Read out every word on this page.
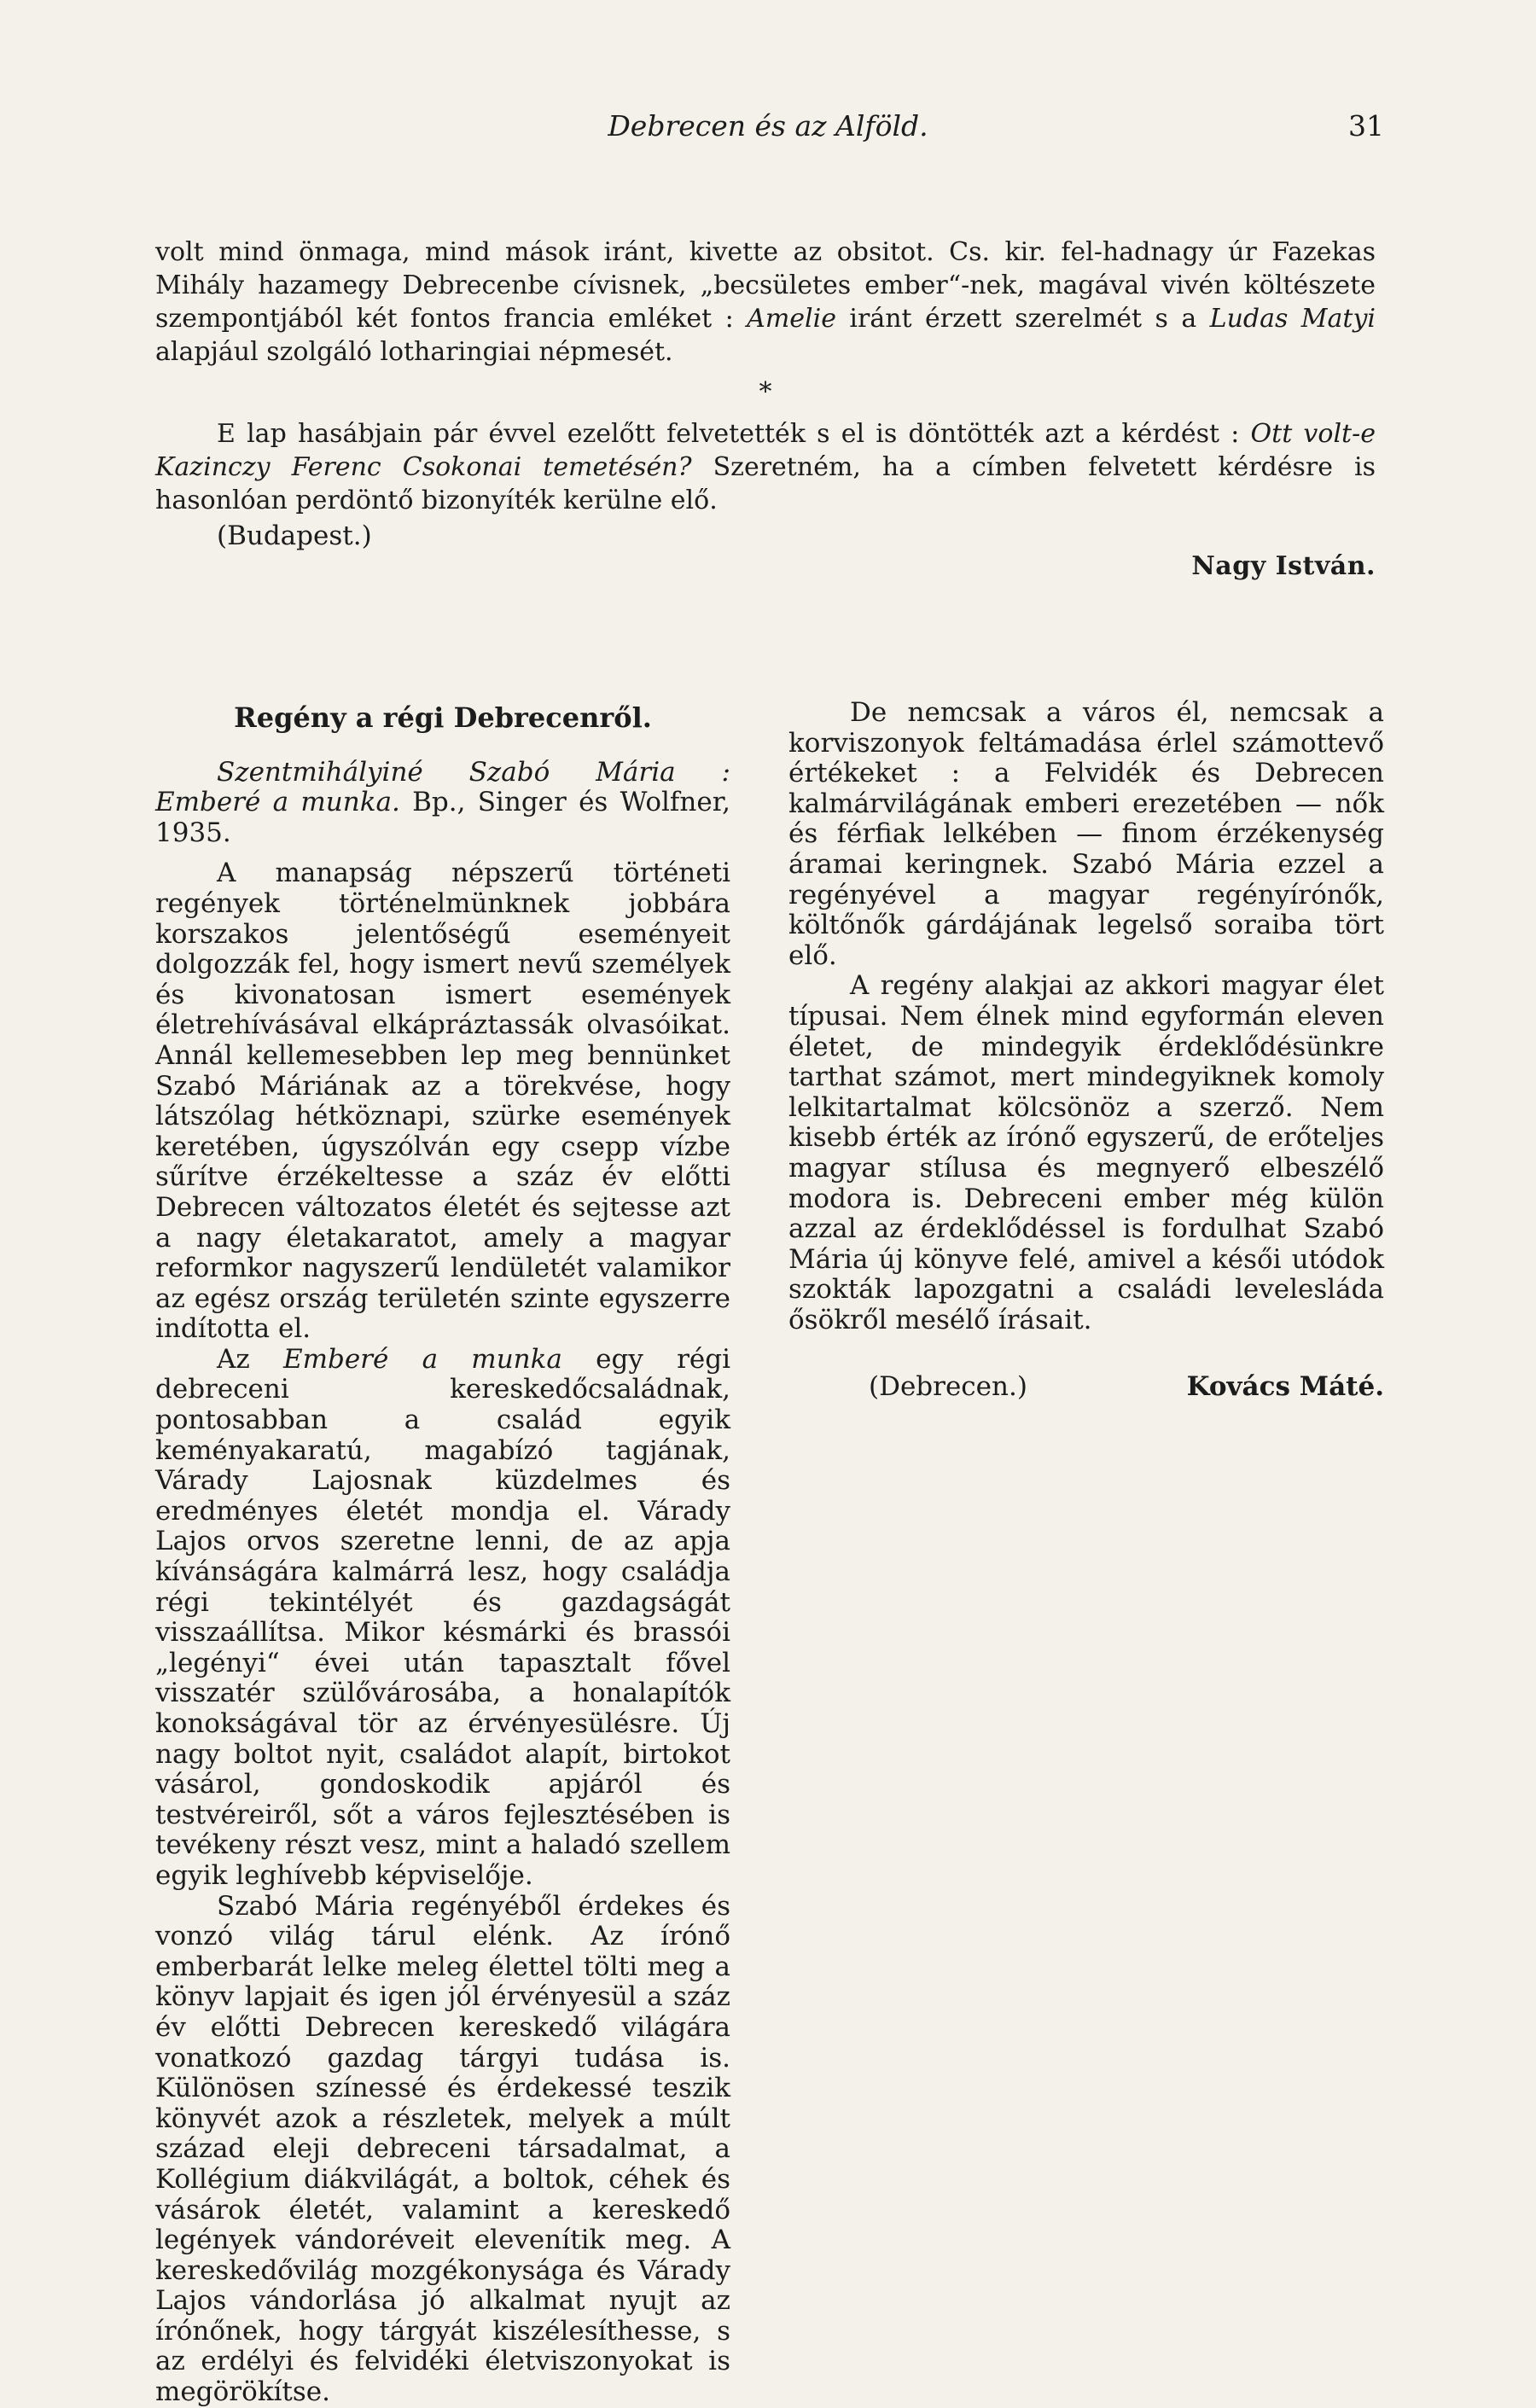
Debrecen és az Alföld.	31

volt mind önmaga, mind mások iránt, kivette az obsitot. Cs. kir. fel-hadnagy úr Fazekas Mihály hazamegy Debrecenbe cívisnek, „becsületes ember“-nek, magával vivén költészete szempontjából két fontos francia emléket : Amelie iránt érzett szerelmét s a Ludas Matyi alapjául szolgáló lotharingiai népmesét.

*

E lap hasábjain pár évvel ezelőtt felvetették s el is döntötték azt a kérdést : Ott volt-e Kazinczy Ferenc Csokonai temetésén? Szeretném, ha a címben felvetett kérdésre is hasonlóan perdöntő bizonyíték kerülne elő.

(Budapest.)
Nagy István.

Regény a régi Debrecenről.

Szentmihályiné Szabó Mária : Emberé a munka. Bp., Singer és Wolfner, 1935.

A manapság népszerű történeti regények történelmünknek jobbára korszakos jelentőségű eseményeit dolgozzák fel, hogy ismert nevű személyek és kivonatosan ismert események életrehívásával elkápráztassák olvasóikat. Annál kellemesebben lep meg bennünket Szabó Máriának az a törekvése, hogy látszólag hétköznapi, szürke események keretében, úgyszólván egy csepp vízbe sűrítve érzékeltesse a száz év előtti Debrecen változatos életét és sejtesse azt a nagy életakaratot, amely a magyar reformkor nagyszerű lendületét valamikor az egész ország területén szinte egyszerre indította el.

Az Emberé a munka egy régi debreceni kereskedőcsaládnak, pontosabban a család egyik keményakaratú, magabízó tagjának, Várady Lajosnak küzdelmes és eredményes életét mondja el. Várady Lajos orvos szeretne lenni, de az apja kívánságára kalmárrá lesz, hogy családja régi tekintélyét és gazdagságát visszaállítsa. Mikor késmárki és brassói „legényi“ évei után tapasztalt fővel visszatér szülővárosába, a honalapítók konokságával tör az érvényesülésre. Új nagy boltot nyit, családot alapít, birtokot vásárol, gondoskodik apjáról és testvéreiről, sőt a város fejlesztésében is tevékeny részt vesz, mint a haladó szellem egyik leghívebb képviselője.

Szabó Mária regényéből érdekes és vonzó világ tárul elénk. Az írónő emberbarát lelke meleg élettel tölti meg a könyv lapjait és igen jól érvényesül a száz év előtti Debrecen kereskedő világára vonatkozó gazdag tárgyi tudása is. Különösen színessé és érdekessé teszik könyvét azok a részletek, melyek a múlt század eleji debreceni társadalmat, a Kollégium diákvilágát, a boltok, céhek és vásárok életét, valamint a kereskedő legények vándoréveit elevenítik meg. A kereskedővilág mozgékonysága és Várady Lajos vándorlása jó alkalmat nyujt az írónőnek, hogy tárgyát kiszélesíthesse, s az erdélyi és felvidéki életviszonyokat is megörökítse.

De nemcsak a város él, nemcsak a korviszonyok feltámadása érlel számottevő értékeket : a Felvidék és Debrecen kalmárvilágának emberi erezetében — nők és férfiak lelkében — finom érzékenység áramai keringnek. Szabó Mária ezzel a regényével a magyar regényírónők, költőnők gárdájának legelső soraiba tört elő.

A regény alakjai az akkori magyar élet típusai. Nem élnek mind egyformán eleven életet, de mindegyik érdeklődésünkre tarthat számot, mert mindegyiknek komoly lelkitartalmat kölcsönöz a szerző. Nem kisebb érték az írónő egyszerű, de erőteljes magyar stílusa és megnyerő elbeszélő modora is. Debreceni ember még külön azzal az érdeklődéssel is fordulhat Szabó Mária új könyve felé, amivel a késői utódok szokták lapozgatni a családi levelesláda ősökről mesélő írásait.

(Debrecen.)	Kovács Máté.
